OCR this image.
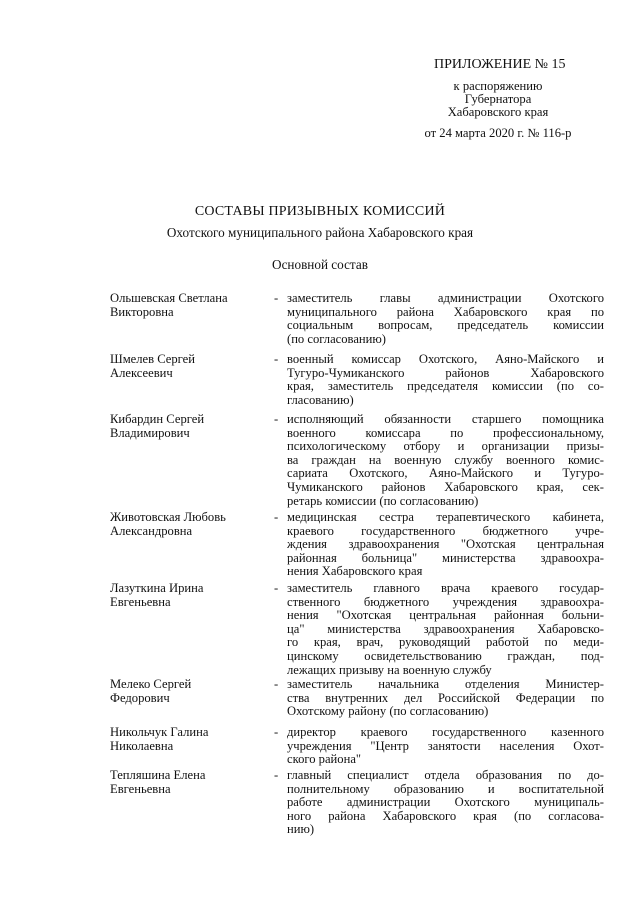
ПРИЛОЖЕНИЕ № 15
к распоряжению
Губернатора
Хабаровского края
от 24 марта 2020 г. № 116-р
СОСТАВЫ ПРИЗЫВНЫХ КОМИССИЙ
Охотского муниципального района Хабаровского края
Основной состав
Ольшевская Светлана
Викторовна
- заместитель главы администрации Охотского
муниципального района Хабаровского края по
социальным вопросам, председатель комиссии
(по согласованию)
Шмелев Сергей
Алексеевич
- военный комиссар Охотского, Аяно-Майского и
Тугуро-Чумиканского районов Хабаровского
края, заместитель председателя комиссии (по со-
гласованию)
Кибардин Сергей
Владимирович
- исполняющий обязанности старшего помощника
военного комиссара по профессиональному,
психологическому отбору и организации призы-
ва граждан на военную службу военного комис-
сариата Охотского, Аяно-Майского и Тугуро-
Чумиканского районов Хабаровского края, сек-
ретарь комиссии (по согласованию)
Животовская Любовь
Александровна
- медицинская сестра терапевтического кабинета,
краевого государственного бюджетного учре-
ждения здравоохранения "Охотская центральная
районная больница" министерства здравоохра-
нения Хабаровского края
Лазуткина Ирина
Евгеньевна
- заместитель главного врача краевого государ-
ственного бюджетного учреждения здравоохра-
нения "Охотская центральная районная больни-
ца" министерства здравоохранения Хабаровско-
го края, врач, руководящий работой по меди-
цинскому освидетельствованию граждан, под-
лежащих призыву на военную службу
Мелеко Сергей
Федорович
- заместитель начальника отделения Министер-
ства внутренних дел Российской Федерации по
Охотскому району (по согласованию)
Никольчук Галина
Николаевна
- директор краевого государственного казенного
учреждения "Центр занятости населения Охот-
ского района"
Тепляшина Елена
Евгеньевна
- главный специалист отдела образования по до-
полнительному образованию и воспитательной
работе администрации Охотского муниципаль-
ного района Хабаровского края (по согласова-
нию)
